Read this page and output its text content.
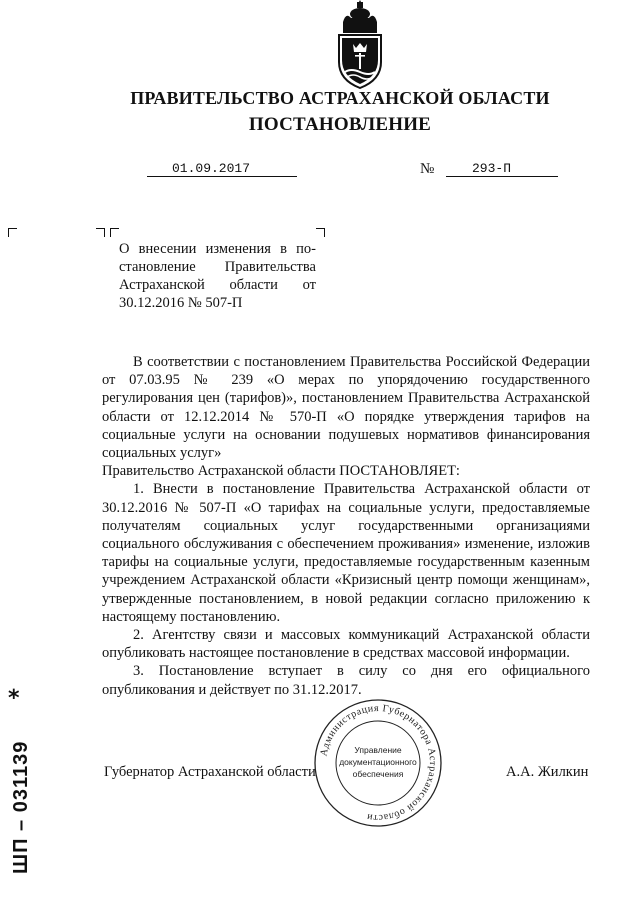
ПРАВИТЕЛЬСТВО АСТРАХАНСКОЙ ОБЛАСТИ
ПОСТАНОВЛЕНИЕ
01.09.2017	№	293-П
О внесении изменения в по-
становление Правительства
Астраханской области от
30.12.2016 № 507-П

В соответствии с постановлением Правительства Российской Федерации от 07.03.95 № 239 «О мерах по упорядочению государственного регулирования цен (тарифов)», постановлением Правительства Астраханской области от 12.12.2014 № 570-П «О порядке утверждения тарифов на социальные услуги на основании подушевых нормативов финансирования социальных услуг»

Правительство Астраханской области ПОСТАНОВЛЯЕТ:

1. Внести в постановление Правительства Астраханской области от 30.12.2016 № 507-П «О тарифах на социальные услуги, предоставляемые получателям социальных услуг государственными организациями социального обслуживания с обеспечением проживания» изменение, изложив тарифы на социальные услуги, предоставляемые государственным казенным учреждением Астраханской области «Кризисный центр помощи женщинам», утвержденные постановлением, в новой редакции согласно приложению к настоящему постановлению.

2. Агентству связи и массовых коммуникаций Астраханской области опубликовать настоящее постановление в средствах массовой информации.

3. Постановление вступает в силу со дня его официального опубликования и действует по 31.12.2017.

Губернатор Астраханской области	А.А. Жилкин
Администрация Губернатора Астраханской области
Управление
документационного
обеспечения
*
ШП – 031139
